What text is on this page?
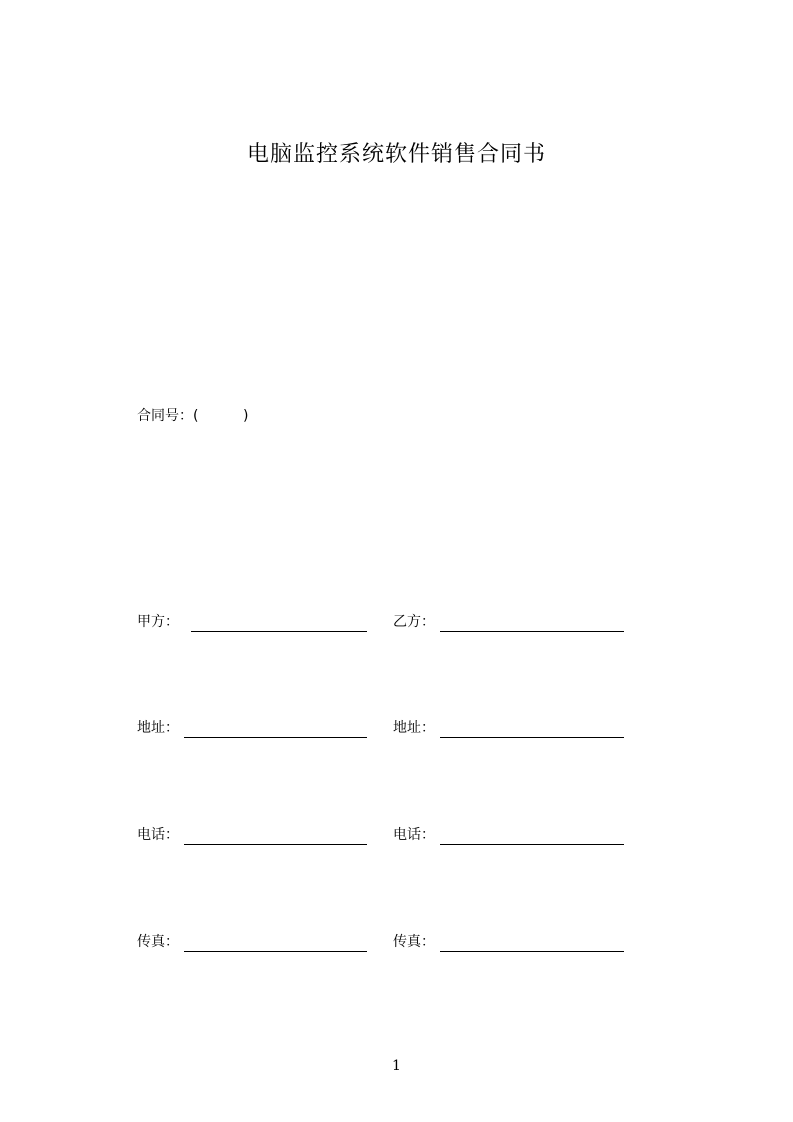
电脑监控系统软件销售合同书
合同号：(          )
甲方：	乙方：
地址：	地址：
电话：	电话：
传真：	传真：
1
